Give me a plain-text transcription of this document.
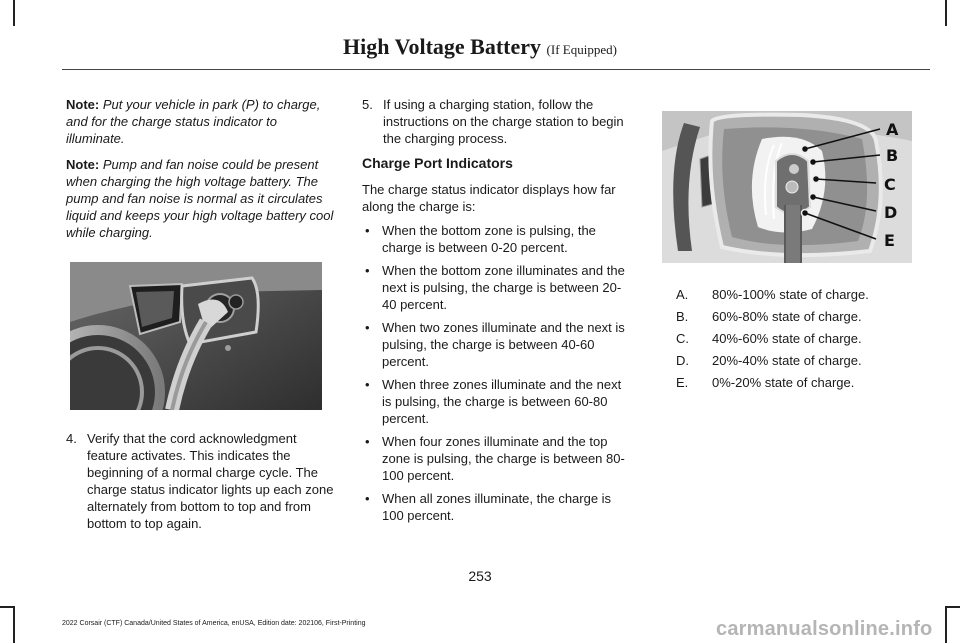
High Voltage Battery (If Equipped)

Note: Put your vehicle in park (P) to charge, and for the charge status indicator to illuminate.

Note: Pump and fan noise could be present when charging the high voltage battery. The pump and fan noise is normal as it circulates liquid and keeps your high voltage battery cool while charging.

4. Verify that the cord acknowledgment feature activates. This indicates the beginning of a normal charge cycle. The charge status indicator lights up each zone alternately from bottom to top and from bottom to top again.
5. If using a charging station, follow the instructions on the charge station to begin the charging process.
Charge Port Indicators

The charge status indicator displays how far along the charge is:

• When the bottom zone is pulsing, the charge is between 0-20 percent.
• When the bottom zone illuminates and the next is pulsing, the charge is between 20-40 percent.
• When two zones illuminate and the next is pulsing, the charge is between 40-60 percent.
• When three zones illuminate and the next is pulsing, the charge is between 60-80 percent.
• When four zones illuminate and the top zone is pulsing, the charge is between 80-100 percent.
• When all zones illuminate, the charge is 100 percent.
A
B
C
D
E
A.	80%-100% state of charge.
B.	60%-80% state of charge.
C.	40%-60% state of charge.
D.	20%-40% state of charge.
E.	0%-20% state of charge.
253
2022 Corsair (CTF) Canada/United States of America, enUSA, Edition date: 202106, First-Printing	carmanualsonline.info
